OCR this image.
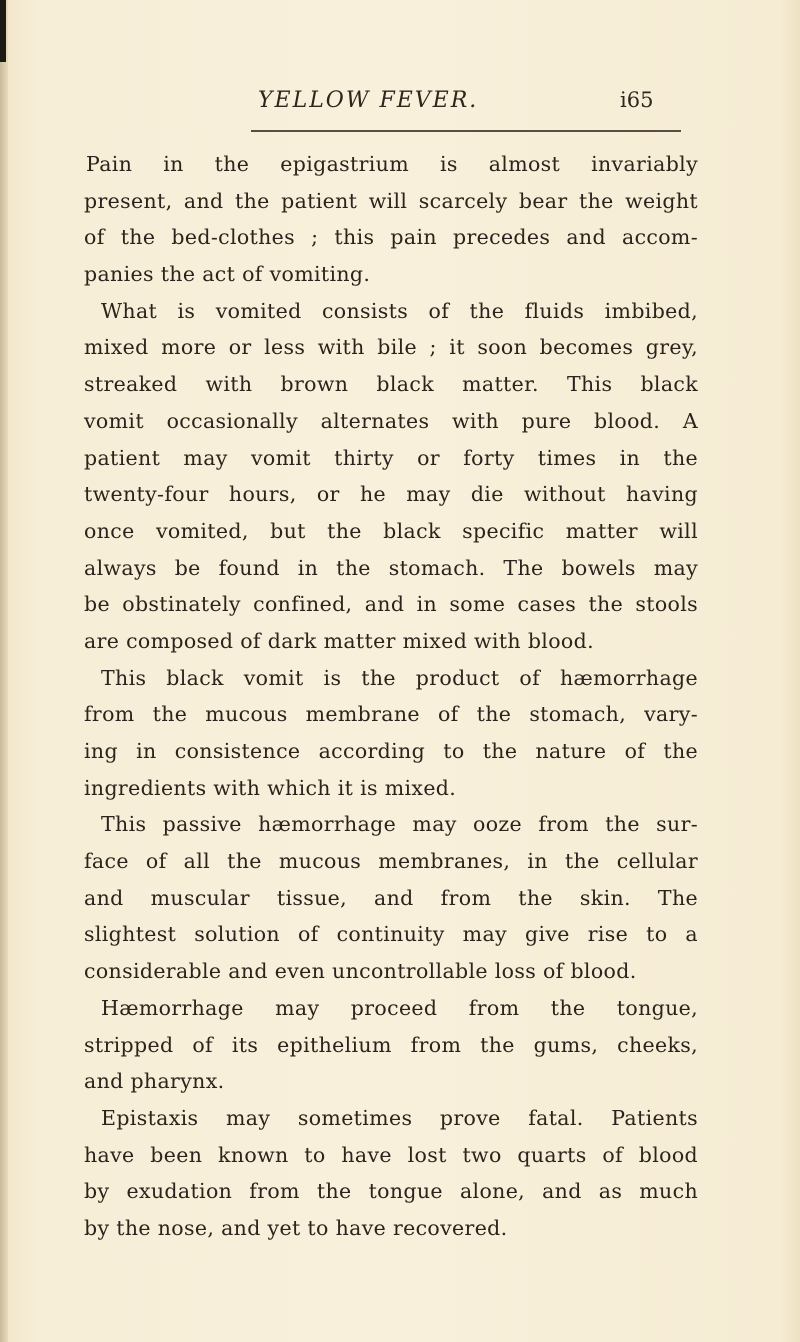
YELLOW FEVER.	i65
Pain in the epigastrium is almost invariably
present, and the patient will scarcely bear the weight
of the bed-clothes ; this pain precedes and accom-
panies the act of vomiting.
What is vomited consists of the fluids imbibed,
mixed more or less with bile ; it soon becomes grey,
streaked with brown black matter. This black
vomit occasionally alternates with pure blood. A
patient may vomit thirty or forty times in the
twenty-four hours, or he may die without having
once vomited, but the black specific matter will
always be found in the stomach. The bowels may
be obstinately confined, and in some cases the stools
are composed of dark matter mixed with blood.
This black vomit is the product of hæmorrhage
from the mucous membrane of the stomach, vary-
ing in consistence according to the nature of the
ingredients with which it is mixed.
This passive hæmorrhage may ooze from the sur-
face of all the mucous membranes, in the cellular
and muscular tissue, and from the skin. The
slightest solution of continuity may give rise to a
considerable and even uncontrollable loss of blood.
Hæmorrhage may proceed from the tongue,
stripped of its epithelium from the gums, cheeks,
and pharynx.
Epistaxis may sometimes prove fatal. Patients
have been known to have lost two quarts of blood
by exudation from the tongue alone, and as much
by the nose, and yet to have recovered.
